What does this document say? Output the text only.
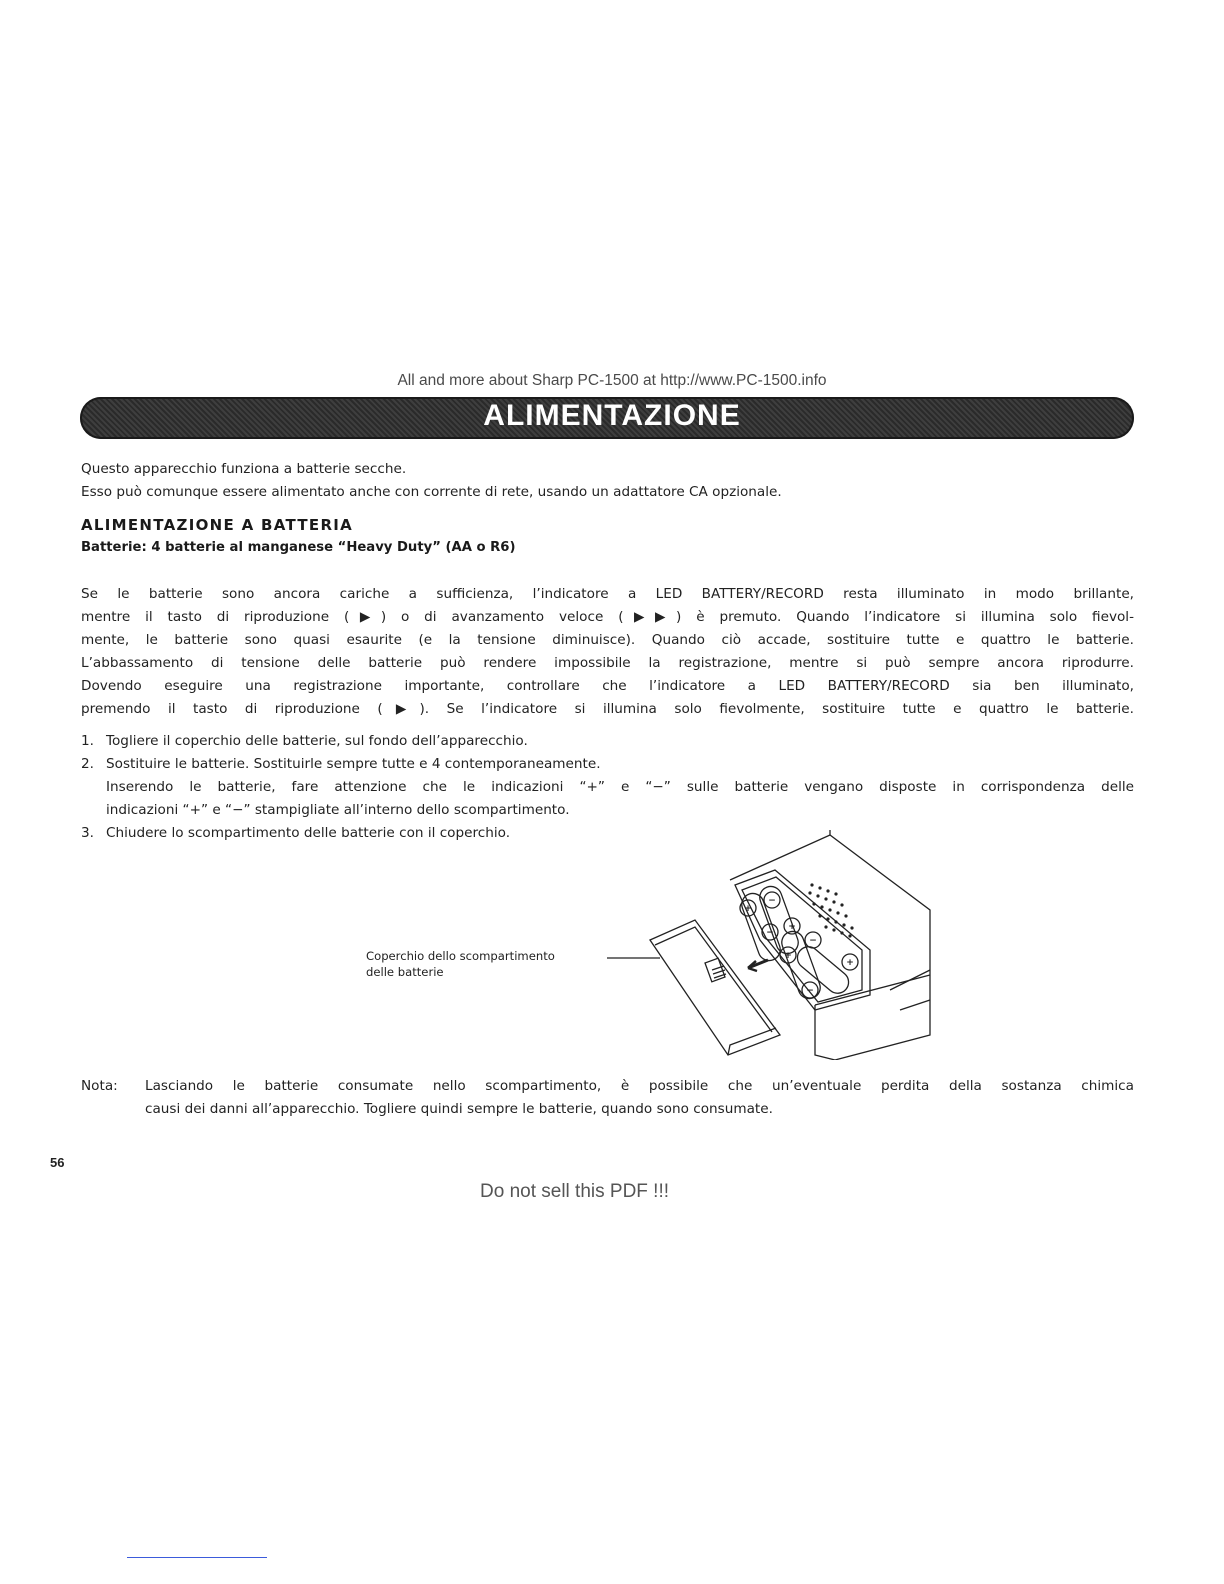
All and more about Sharp PC-1500 at http://www.PC-1500.info
ALIMENTAZIONE
Questo apparecchio funziona a batterie secche.
Esso può comunque essere alimentato anche con corrente di rete, usando un adattatore CA opzionale.
ALIMENTAZIONE A BATTERIA
Batterie: 4 batterie al manganese “Heavy Duty” (AA o R6)
Se le batterie sono ancora cariche a sufficienza, l’indicatore a LED BATTERY/RECORD resta illuminato in modo brillante,
mentre il tasto di riproduzione (▶) o di avanzamento veloce (▶▶) è premuto. Quando l’indicatore si illumina solo fievol-
mente, le batterie sono quasi esaurite (e la tensione diminuisce). Quando ciò accade, sostituire tutte e quattro le batterie.
L’abbassamento di tensione delle batterie può rendere impossibile la registrazione, mentre si può sempre ancora riprodurre.
Dovendo eseguire una registrazione importante, controllare che l’indicatore a LED BATTERY/RECORD sia ben illuminato,
premendo il tasto di riproduzione (▶). Se l’indicatore si illumina solo fievolmente, sostituire tutte e quattro le batterie.
1. Togliere il coperchio delle batterie, sul fondo dell’apparecchio.
2. Sostituire le batterie. Sostituirle sempre tutte e 4 contemporaneamente.
Inserendo le batterie, fare attenzione che le indicazioni “+” e “−” sulle batterie vengano disposte in corrispondenza delle
indicazioni “+” e “−” stampigliate all’interno dello scompartimento.
3. Chiudere lo scompartimento delle batterie con il coperchio.
+
−
−
+
−
+
−
+
Coperchio dello scompartimento
delle batterie
Nota: Lasciando le batterie consumate nello scompartimento, è possibile che un’eventuale perdita della sostanza chimica
causi dei danni all’apparecchio. Togliere quindi sempre le batterie, quando sono consumate.
56
Do not sell this PDF !!!
